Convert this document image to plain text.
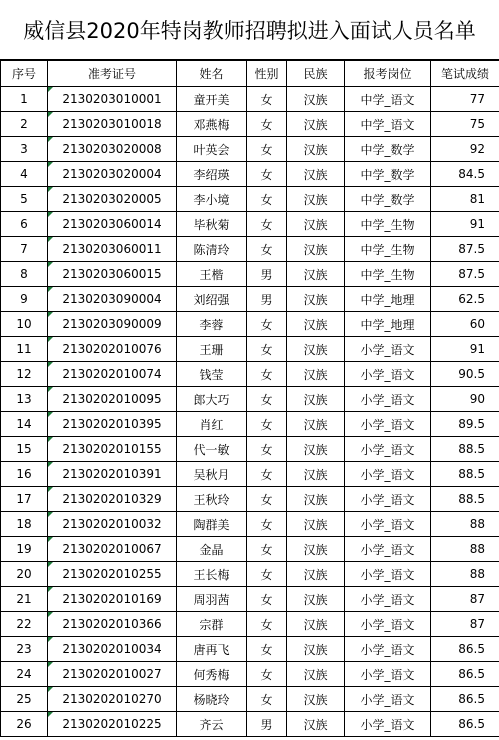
威信县2020年特岗教师招聘拟进入面试人员名单
序号	准考证号	姓名	性别	民族	报考岗位	笔试成绩
1	2130203010001	童开美	女	汉族	中学_语文	77
2	2130203010018	邓燕梅	女	汉族	中学_语文	75
3	2130203020008	叶英会	女	汉族	中学_数学	92
4	2130203020004	李绍瑛	女	汉族	中学_数学	84.5
5	2130203020005	李小境	女	汉族	中学_数学	81
6	2130203060014	毕秋菊	女	汉族	中学_生物	91
7	2130203060011	陈清玲	女	汉族	中学_生物	87.5
8	2130203060015	王楷	男	汉族	中学_生物	87.5
9	2130203090004	刘绍强	男	汉族	中学_地理	62.5
10	2130203090009	李蓉	女	汉族	中学_地理	60
11	2130202010076	王珊	女	汉族	小学_语文	91
12	2130202010074	钱莹	女	汉族	小学_语文	90.5
13	2130202010095	郎大巧	女	汉族	小学_语文	90
14	2130202010395	肖红	女	汉族	小学_语文	89.5
15	2130202010155	代一敏	女	汉族	小学_语文	88.5
16	2130202010391	吴秋月	女	汉族	小学_语文	88.5
17	2130202010329	王秋玲	女	汉族	小学_语文	88.5
18	2130202010032	陶群美	女	汉族	小学_语文	88
19	2130202010067	金晶	女	汉族	小学_语文	88
20	2130202010255	王长梅	女	汉族	小学_语文	88
21	2130202010169	周羽茜	女	汉族	小学_语文	87
22	2130202010366	宗群	女	汉族	小学_语文	87
23	2130202010034	唐再飞	女	汉族	小学_语文	86.5
24	2130202010027	何秀梅	女	汉族	小学_语文	86.5
25	2130202010270	杨晓玲	女	汉族	小学_语文	86.5
26	2130202010225	齐云	男	汉族	小学_语文	86.5
